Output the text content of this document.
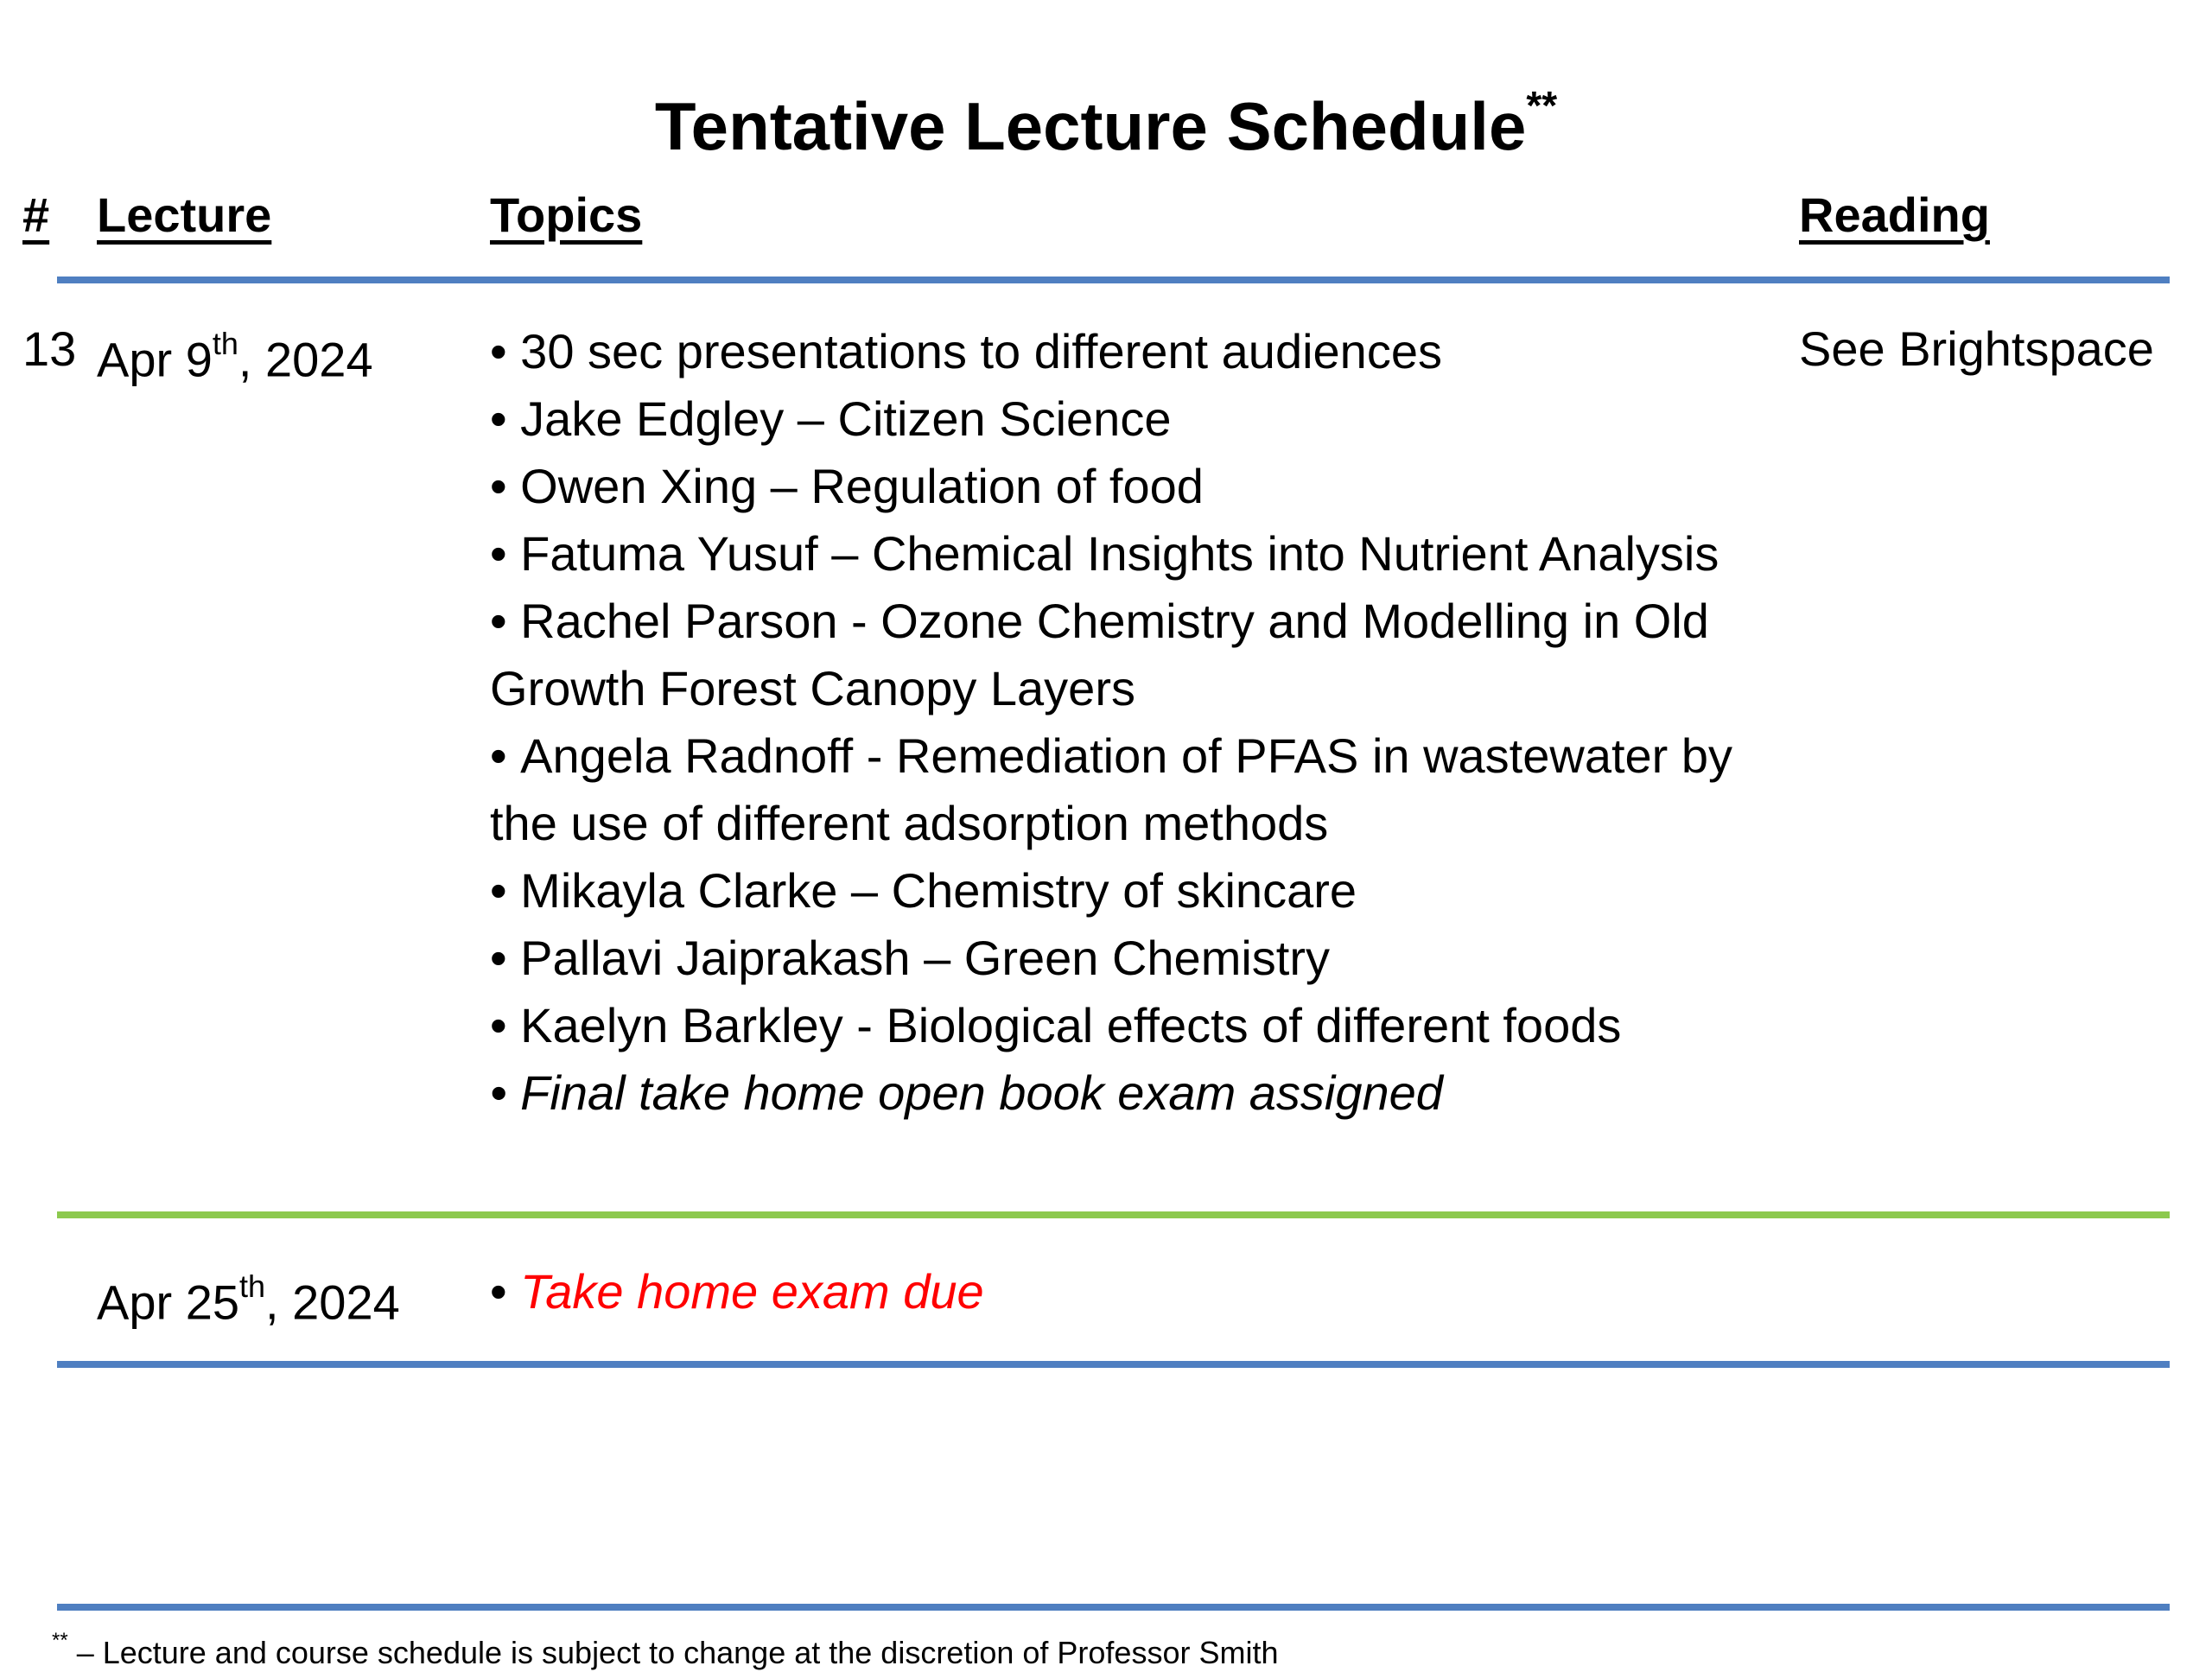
Tentative Lecture Schedule**
# Lecture	Topics	Reading
13 Apr 9th, 2024
•	30 sec presentations to different audiences
• Jake Edgley – Citizen Science
• Owen Xing – Regulation of food
• Fatuma Yusuf – Chemical Insights into Nutrient Analysis
• Rachel Parson - Ozone Chemistry and Modelling in Old Growth Forest Canopy Layers
• Angela Radnoff - Remediation of PFAS in wastewater by the use of different adsorption methods
• Mikayla Clarke – Chemistry of skincare
• Pallavi Jaiprakash – Green Chemistry
• Kaelyn Barkley - Biological effects of different foods
• Final take home open book exam assigned
See Brightspace
Apr 25th, 2024 • Take home exam due
** – Lecture and course schedule is subject to change at the discretion of Professor Smith
